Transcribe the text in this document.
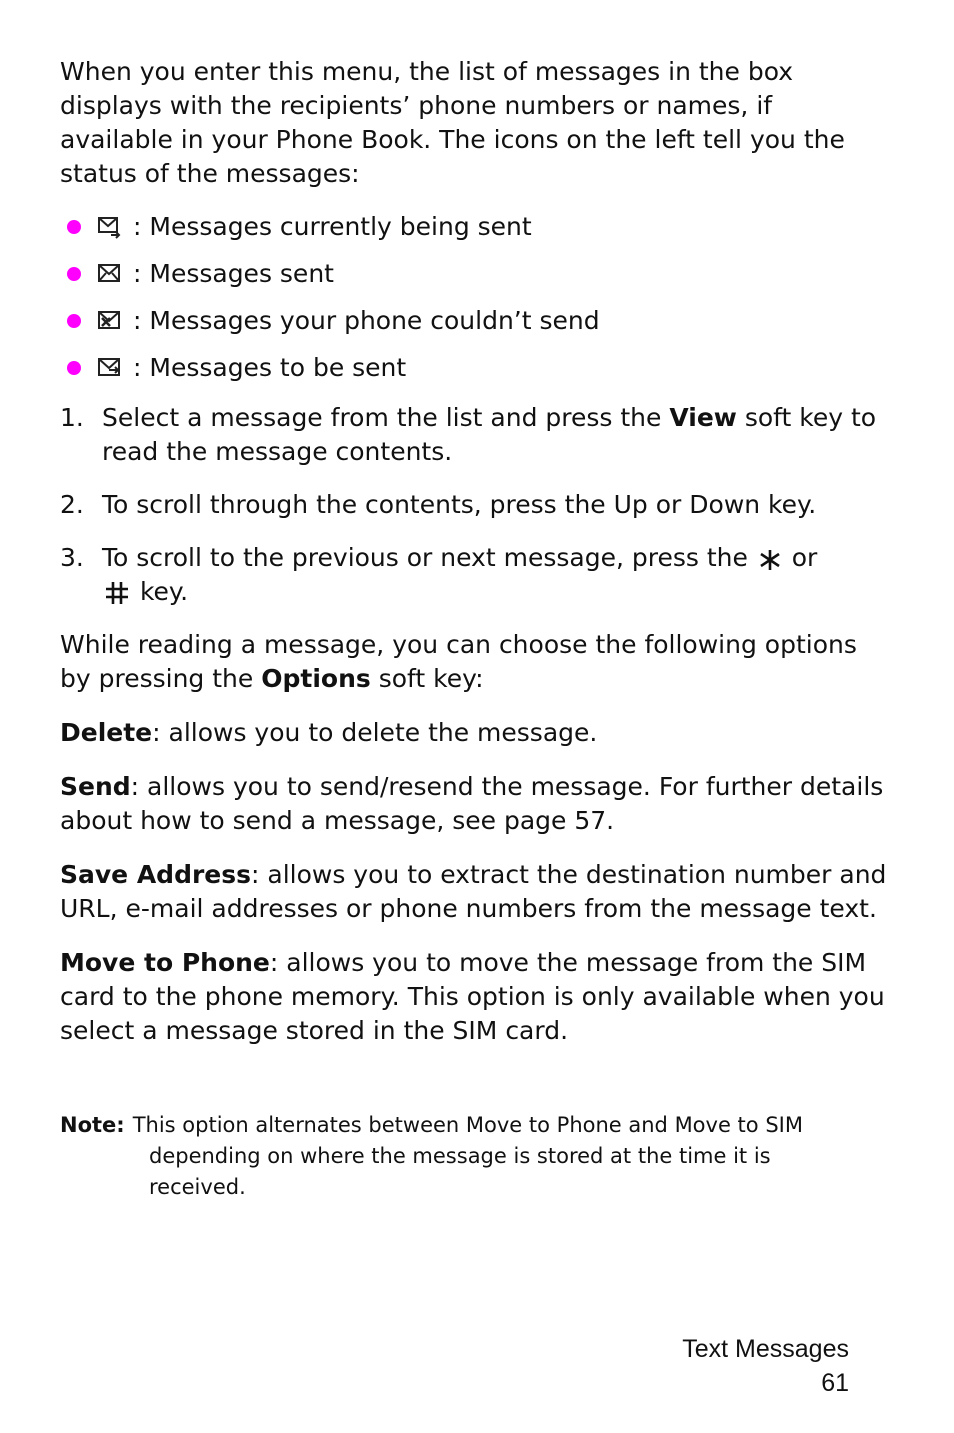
When you enter this menu, the list of messages in the box displays with the recipients’ phone numbers or names, if available in your Phone Book. The icons on the left tell you the status of the messages:

: Messages currently being sent
: Messages sent
: Messages your phone couldn’t send
: Messages to be sent
1. Select a message from the list and press the View soft key to read the message contents.
2. To scroll through the contents, press the Up or Down key.
3. To scroll to the previous or next message, press the or
key.

While reading a message, you can choose the following options by pressing the Options soft key:

Delete: allows you to delete the message.

Send: allows you to send/resend the message. For further details about how to send a message, see page 57.

Save Address: allows you to extract the destination number and URL, e-mail addresses or phone numbers from the message text.

Move to Phone: allows you to move the message from the SIM card to the phone memory. This option is only available when you select a message stored in the SIM card.

Note: This option alternates between Move to Phone and Move to SIM
depending on where the message is stored at the time it is received.
Text Messages
61
